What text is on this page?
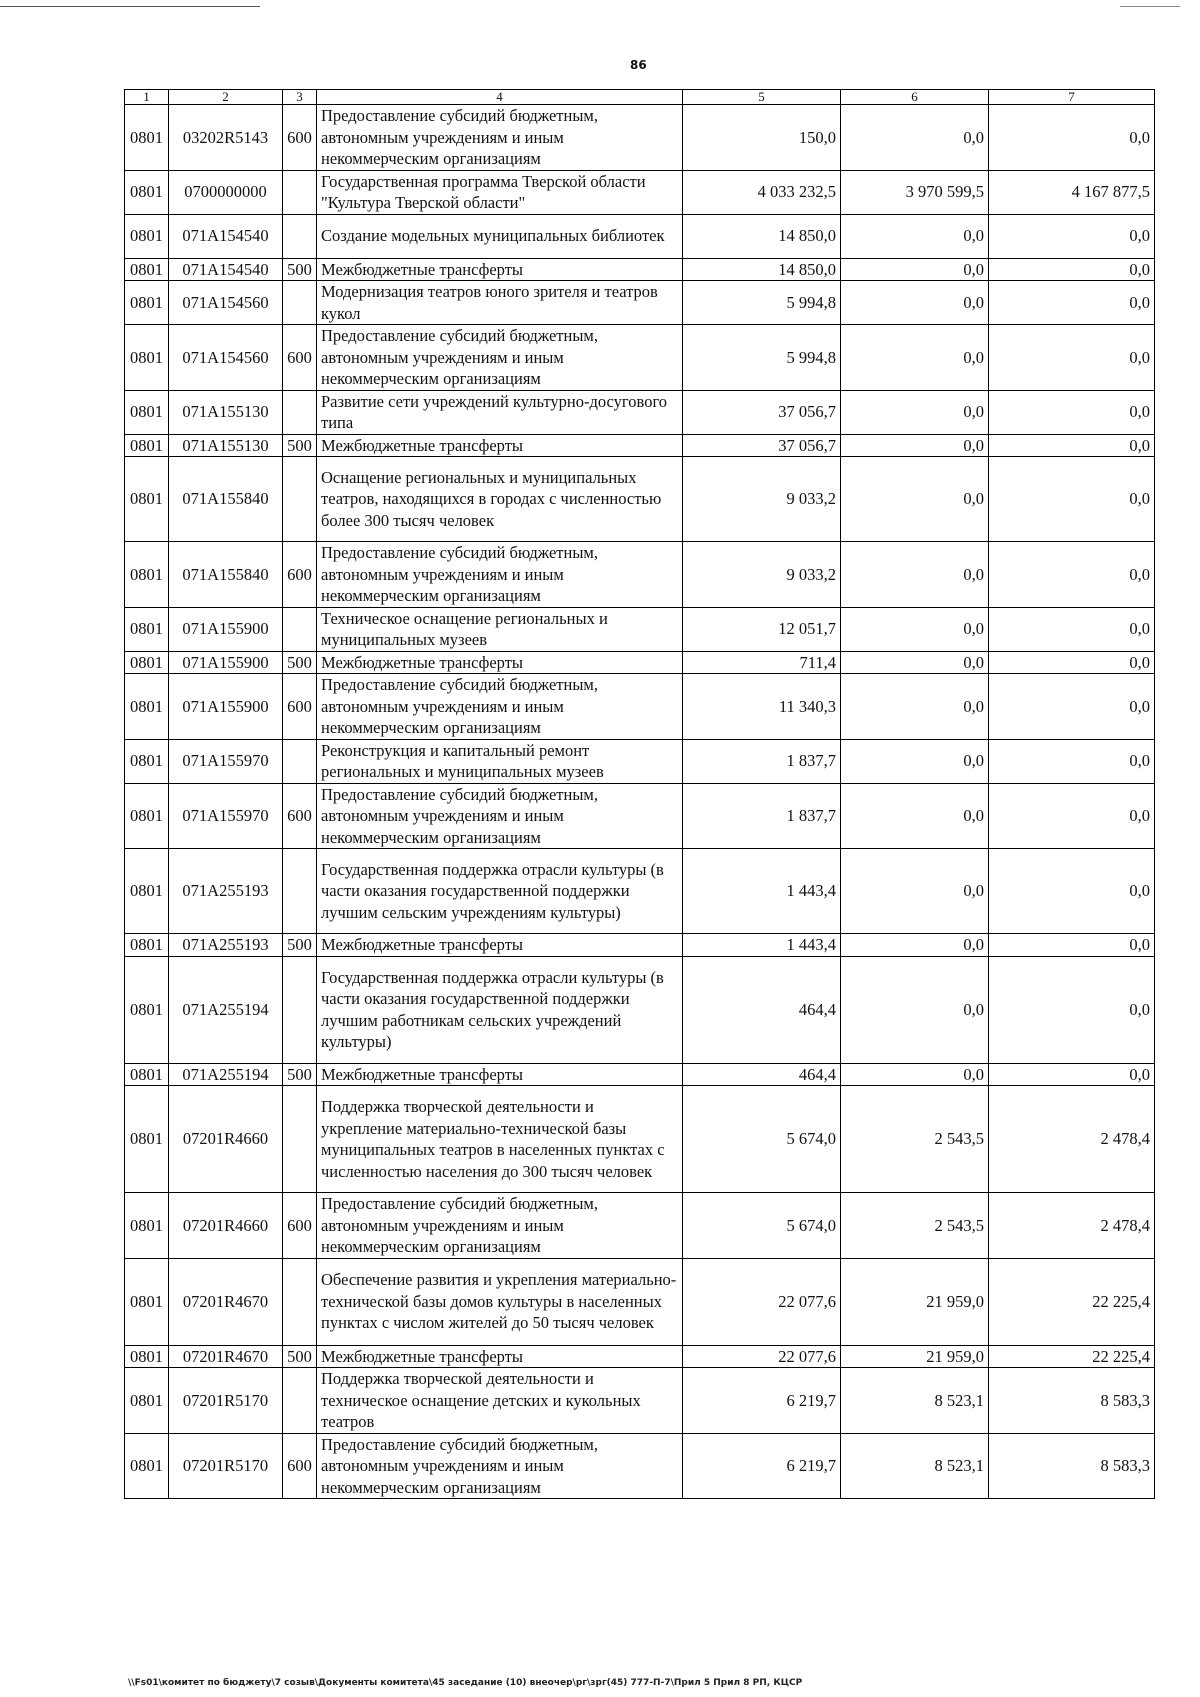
86
1	2	3	4	5	6	7
0801	03202R5143	600	Предоставление субсидий бюджетным, автономным учреждениям и иным некоммерческим организациям	150,0	0,0	0,0
0801	0700000000		Государственная программа Тверской области "Культура Тверской области"	4 033 232,5	3 970 599,5	4 167 877,5
0801	071A154540		Создание модельных муниципальных библиотек	14 850,0	0,0	0,0
0801	071A154540	500	Межбюджетные трансферты	14 850,0	0,0	0,0
0801	071A154560		Модернизация театров юного зрителя и театров кукол	5 994,8	0,0	0,0
0801	071A154560	600	Предоставление субсидий бюджетным, автономным учреждениям и иным некоммерческим организациям	5 994,8	0,0	0,0
0801	071A155130		Развитие сети учреждений культурно-досугового типа	37 056,7	0,0	0,0
0801	071A155130	500	Межбюджетные трансферты	37 056,7	0,0	0,0
0801	071A155840		Оснащение региональных и муниципальных театров, находящихся в городах с численностью более 300 тысяч человек	9 033,2	0,0	0,0
0801	071A155840	600	Предоставление субсидий бюджетным, автономным учреждениям и иным некоммерческим организациям	9 033,2	0,0	0,0
0801	071A155900		Техническое оснащение региональных и муниципальных музеев	12 051,7	0,0	0,0
0801	071A155900	500	Межбюджетные трансферты	711,4	0,0	0,0
0801	071A155900	600	Предоставление субсидий бюджетным, автономным учреждениям и иным некоммерческим организациям	11 340,3	0,0	0,0
0801	071A155970		Реконструкция и капитальный ремонт региональных и муниципальных музеев	1 837,7	0,0	0,0
0801	071A155970	600	Предоставление субсидий бюджетным, автономным учреждениям и иным некоммерческим организациям	1 837,7	0,0	0,0
0801	071A255193		Государственная поддержка отрасли культуры (в части оказания государственной поддержки лучшим сельским учреждениям культуры)	1 443,4	0,0	0,0
0801	071A255193	500	Межбюджетные трансферты	1 443,4	0,0	0,0
0801	071A255194		Государственная поддержка отрасли культуры (в части оказания государственной поддержки лучшим работникам сельских учреждений культуры)	464,4	0,0	0,0
0801	071A255194	500	Межбюджетные трансферты	464,4	0,0	0,0
0801	07201R4660		Поддержка творческой деятельности и укрепление материально-технической базы муниципальных театров в населенных пунктах с численностью населения до 300 тысяч человек	5 674,0	2 543,5	2 478,4
0801	07201R4660	600	Предоставление субсидий бюджетным, автономным учреждениям и иным некоммерческим организациям	5 674,0	2 543,5	2 478,4
0801	07201R4670		Обеспечение развития и укрепления материально-технической базы домов культуры в населенных пунктах с числом жителей до 50 тысяч человек	22 077,6	21 959,0	22 225,4
0801	07201R4670	500	Межбюджетные трансферты	22 077,6	21 959,0	22 225,4
0801	07201R5170		Поддержка творческой деятельности и техническое оснащение детских и кукольных театров	6 219,7	8 523,1	8 583,3
0801	07201R5170	600	Предоставление субсидий бюджетным, автономным учреждениям и иным некоммерческим организациям	6 219,7	8 523,1	8 583,3
\\Fs01\комитет по бюджету\7 созыв\Документы комитета\45 заседание (10) внеочер\рг\зрг(45) 777-П-7\Прил 5 Прил 8 РП, КЦСР
